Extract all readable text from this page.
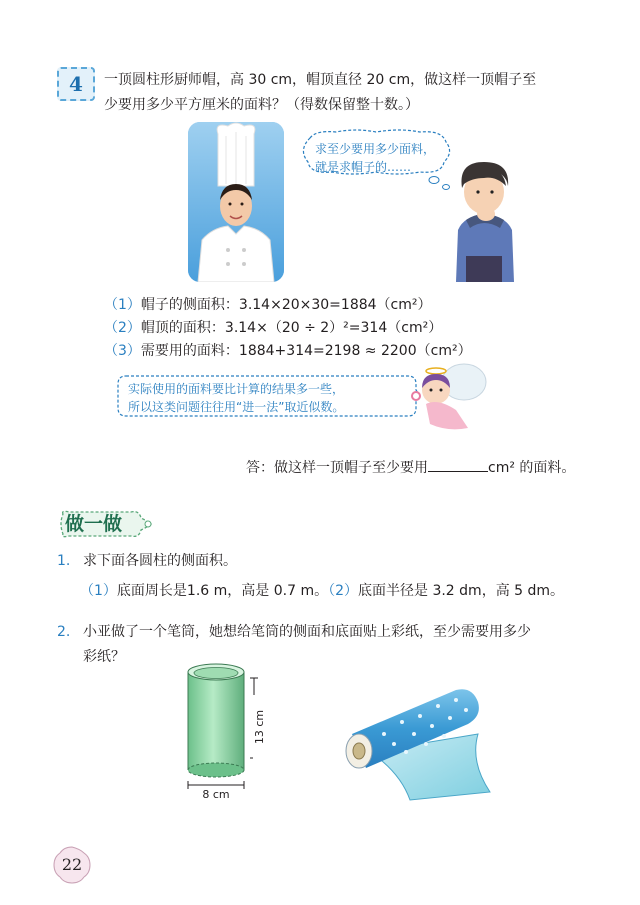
4	一顶圆柱形厨师帽，高 30 cm，帽顶直径 20 cm，做这样一顶帽子至
少要用多少平方厘米的面料？（得数保留整十数。）
求至少要用多少面料，
就是求帽子的……
（1）帽子的侧面积：3.14×20×30=1884（cm²）
（2）帽顶的面积：3.14×（20 ÷ 2）²=314（cm²）
（3）需要用的面料：1884+314=2198 ≈ 2200（cm²）
实际使用的面料要比计算的结果多一些，
所以这类问题往往用“进一法”取近似数。
答：做这样一顶帽子至少要用	cm² 的面料。
做一做
1. 求下面各圆柱的侧面积。
（1）底面周长是1.6 m，高是 0.7 m。（2）底面半径是 3.2 dm，高 5 dm。
2. 小亚做了一个笔筒，她想给笔筒的侧面和底面贴上彩纸，至少需要用多少
彩纸？
13 cm
8 cm
22
